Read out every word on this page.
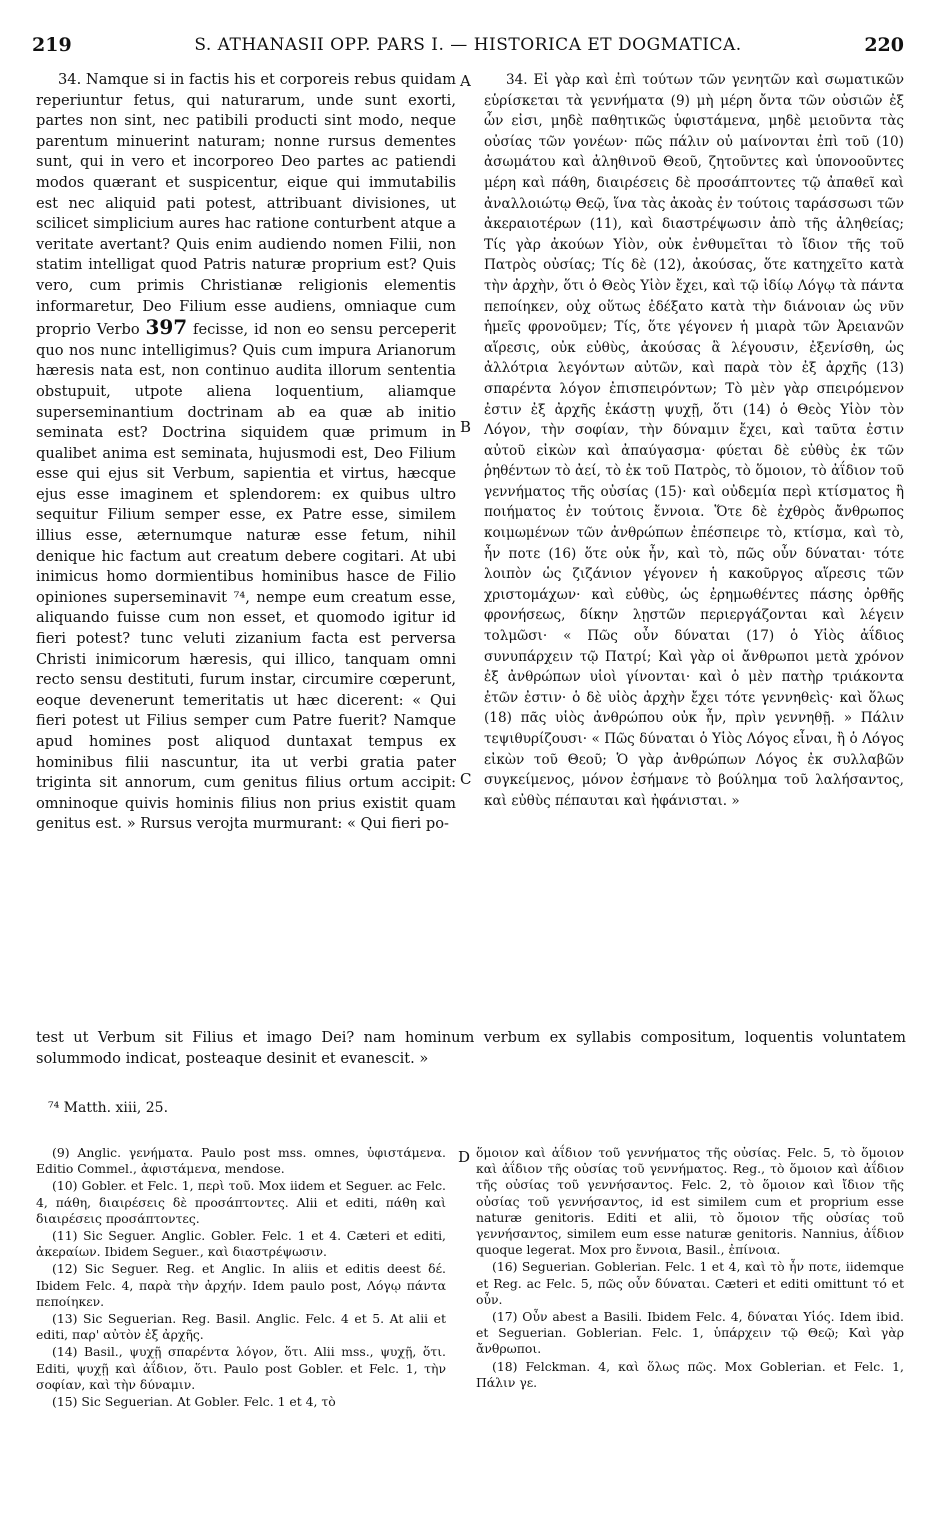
219	S. ATHANASII OPP. PARS I. — HISTORICA ET DOGMATICA.	220
A
B
C
D

34. Namque si in factis his et corporeis rebus quidam reperiuntur fetus, qui naturarum, unde sunt exorti, partes non sint, nec patibili producti sint modo, neque parentum minuerint naturam; nonne rursus dementes sunt, qui in vero et incorporeo Deo partes ac patiendi modos quærant et suspicentur, eique qui immutabilis est nec aliquid pati potest, attribuant divisiones, ut scilicet simplicium aures hac ratione conturbent atque a veritate avertant? Quis enim audiendo nomen Filii, non statim intelligat quod Patris naturæ proprium est? Quis vero, cum primis Christianæ religionis elementis informaretur, Deo Filium esse audiens, omniaque cum proprio Verbo 397 fecisse, id non eo sensu perceperit quo nos nunc intelligimus? Quis cum impura Arianorum hæresis nata est, non continuo audita illorum sententia obstupuit, utpote aliena loquentium, aliamque superseminantium doctrinam ab ea quæ ab initio seminata est? Doctrina siquidem quæ primum in qualibet anima est seminata, hujusmodi est, Deo Filium esse qui ejus sit Verbum, sapientia et virtus, hæcque ejus esse imaginem et splendorem: ex quibus ultro sequitur Filium semper esse, ex Patre esse, similem illius esse, æternumque naturæ esse fetum, nihil denique hic factum aut creatum debere cogitari. At ubi inimicus homo dormientibus hominibus hasce de Filio opiniones superseminavit ⁷⁴, nempe eum creatum esse, aliquando fuisse cum non esset, et quomodo igitur id fieri potest? tunc veluti zizanium facta est perversa Christi inimicorum hæresis, qui illico, tanquam omni recto sensu destituti, furum instar, circumire cœperunt, eoque devenerunt temeritatis ut hæc dicerent: « Qui fieri potest ut Filius semper cum Patre fuerit? Namque apud homines post aliquod duntaxat tempus ex hominibus filii nascuntur, ita ut verbi gratia pater triginta sit annorum, cum genitus filius ortum accipit: omninoque quivis hominis filius non prius existit quam genitus est. » Rursus verojta murmurant: « Qui fieri po-

34. Εἰ γὰρ καὶ ἐπὶ τούτων τῶν γενητῶν καὶ σωματικῶν εὑρίσκεται τὰ γεννήματα (9) μὴ μέρη ὄντα τῶν οὐσιῶν ἐξ ὧν εἰσι, μηδὲ παθητικῶς ὑφιστάμενα, μηδὲ μειοῦντα τὰς οὐσίας τῶν γονέων· πῶς πάλιν οὐ μαίνονται ἐπὶ τοῦ (10) ἀσωμάτου καὶ ἀληθινοῦ Θεοῦ, ζητοῦντες καὶ ὑπονοοῦντες μέρη καὶ πάθη, διαιρέσεις δὲ προσάπτοντες τῷ ἀπαθεῖ καὶ ἀναλλοιώτῳ Θεῷ, ἵνα τὰς ἀκοὰς ἐν τούτοις ταράσσωσι τῶν ἀκεραιοτέρων (11), καὶ διαστρέψωσιν ἀπὸ τῆς ἀληθείας; Τίς γὰρ ἀκούων Υἱὸν, οὐκ ἐνθυμεῖται τὸ ἴδιον τῆς τοῦ Πατρὸς οὐσίας; Τίς δὲ (12), ἀκούσας, ὅτε κατηχεῖτο κατὰ τὴν ἀρχὴν, ὅτι ὁ Θεὸς Υἱὸν ἔχει, καὶ τῷ ἰδίῳ Λόγῳ τὰ πάντα πεποίηκεν, οὐχ οὕτως ἐδέξατο κατὰ τὴν διάνοιαν ὡς νῦν ἡμεῖς φρονοῦμεν; Τίς, ὅτε γέγονεν ἡ μιαρὰ τῶν Ἀρειανῶν αἵρεσις, οὐκ εὐθὺς, ἀκούσας ἃ λέγουσιν, ἐξενίσθη, ὡς ἀλλότρια λεγόντων αὐτῶν, καὶ παρὰ τὸν ἐξ ἀρχῆς (13) σπαρέντα λόγον ἐπισπειρόντων; Τὸ μὲν γὰρ σπειρόμενον ἐστιν ἐξ ἀρχῆς ἑκάστῃ ψυχῇ, ὅτι (14) ὁ Θεὸς Υἱὸν τὸν Λόγον, τὴν σοφίαν, τὴν δύναμιν ἔχει, καὶ ταῦτα ἐστιν αὐτοῦ εἰκὼν καὶ ἀπαύγασμα· φύεται δὲ εὐθὺς ἐκ τῶν ῥηθέντων τὸ ἀεί, τὸ ἐκ τοῦ Πατρὸς, τὸ ὅμοιον, τὸ ἀΐδιον τοῦ γεννήματος τῆς οὐσίας (15)· καὶ οὐδεμία περὶ κτίσματος ἢ ποιήματος ἐν τούτοις ἔννοια. Ὅτε δὲ ἐχθρὸς ἄνθρωπος κοιμωμένων τῶν ἀνθρώπων ἐπέσπειρε τὸ, κτίσμα, καὶ τὸ, ἦν ποτε (16) ὅτε οὐκ ἦν, καὶ τὸ, πῶς οὖν δύναται· τότε λοιπὸν ὡς ζιζάνιον γέγονεν ἡ κακοῦργος αἵρεσις τῶν χριστομάχων· καὶ εὐθὺς, ὡς ἐρημωθέντες πάσης ὀρθῆς φρονήσεως, δίκην λῃστῶν περιεργάζονται καὶ λέγειν τολμῶσι· « Πῶς οὖν δύναται (17) ὁ Υἱὸς ἀΐδιος συνυπάρχειν τῷ Πατρί; Καὶ γὰρ οἱ ἄνθρωποι μετὰ χρόνον ἐξ ἀνθρώπων υἱοὶ γίνονται· καὶ ὁ μὲν πατὴρ τριάκοντα ἐτῶν ἐστιν· ὁ δὲ υἱὸς ἀρχὴν ἔχει τότε γεννηθεὶς· καὶ ὅλως (18) πᾶς υἱὸς ἀνθρώπου οὐκ ἦν, πρὶν γεννηθῇ. » Πάλιν τεψιθυρίζουσι· « Πῶς δύναται ὁ Υἱὸς Λόγος εἶναι, ἢ ὁ Λόγος εἰκὼν τοῦ Θεοῦ; Ὁ γὰρ ἀνθρώπων Λόγος ἐκ συλλαβῶν συγκείμενος, μόνον ἐσήμανε τὸ βούλημα τοῦ λαλήσαντος, καὶ εὐθὺς πέπαυται καὶ ἠφάνισται. »

test ut Verbum sit Filius et imago Dei? nam hominum verbum ex syllabis compositum, loquentis voluntatem solummodo indicat, posteaque desinit et evanescit. »
⁷⁴ Matth. xiii, 25.

(9) Anglic. γενήματα. Paulo post mss. omnes, ὑφιστάμενα. Editio Commel., ἀφιστάμενα, mendose.

(10) Gobler. et Felc. 1, περὶ τοῦ. Mox iidem et Seguer. ac Felc. 4, πάθη, διαιρέσεις δὲ προσάπτοντες. Alii et editi, πάθη καὶ διαιρέσεις προσάπτοντες.

(11) Sic Seguer. Anglic. Gobler. Felc. 1 et 4. Cæteri et editi, ἀκεραίων. Ibidem Seguer., καὶ διαστρέψωσιν.

(12) Sic Seguer. Reg. et Anglic. In aliis et editis deest δέ. Ibidem Felc. 4, παρὰ τὴν ἀρχήν. Idem paulo post, Λόγῳ πάντα πεποίηκεν.

(13) Sic Seguerian. Reg. Basil. Anglic. Felc. 4 et 5. At alii et editi, παρ' αὐτὸν ἐξ ἀρχῆς.

(14) Basil., ψυχῇ σπαρέντα λόγον, ὅτι. Alii mss., ψυχῇ, ὅτι. Editi, ψυχῇ καὶ ἀΐδιον, ὅτι. Paulo post Gobler. et Felc. 1, τὴν σοφίαν, καὶ τὴν δύναμιν.

(15) Sic Seguerian. At Gobler. Felc. 1 et 4, τὸ

ὅμοιον καὶ ἀΐδιον τοῦ γεννήματος τῆς οὐσίας. Felc. 5, τὸ ὅμοιον καὶ ἀΐδιον τῆς οὐσίας τοῦ γεννήματος. Reg., τὸ ὅμοιον καὶ ἀΐδιον τῆς οὐσίας τοῦ γεννήσαντος. Felc. 2, τὸ ὅμοιον καὶ ἴδιον τῆς οὐσίας τοῦ γεννήσαντος, id est similem cum et proprium esse naturæ genitoris. Editi et alii, τὸ ὅμοιον τῆς οὐσίας τοῦ γεννήσαντος, similem eum esse naturæ genitoris. Nannius, ἀΐδιον quoque legerat. Mox pro ἔννοια, Basil., ἐπίνοια.

(16) Seguerian. Goblerian. Felc. 1 et 4, καὶ τὸ ἦν ποτε, iidemque et Reg. ac Felc. 5, πῶς οὖν δύναται. Cæteri et editi omittunt τό et οὖν.

(17) Οὖν abest a Basili. Ibidem Felc. 4, δύναται Υἱός. Idem ibid. et Seguerian. Goblerian. Felc. 1, ὑπάρχειν τῷ Θεῷ; Καὶ γὰρ ἄνθρωποι.

(18) Felckman. 4, καὶ ὅλως πῶς. Mox Goblerian. et Felc. 1, Πάλιν γε.
